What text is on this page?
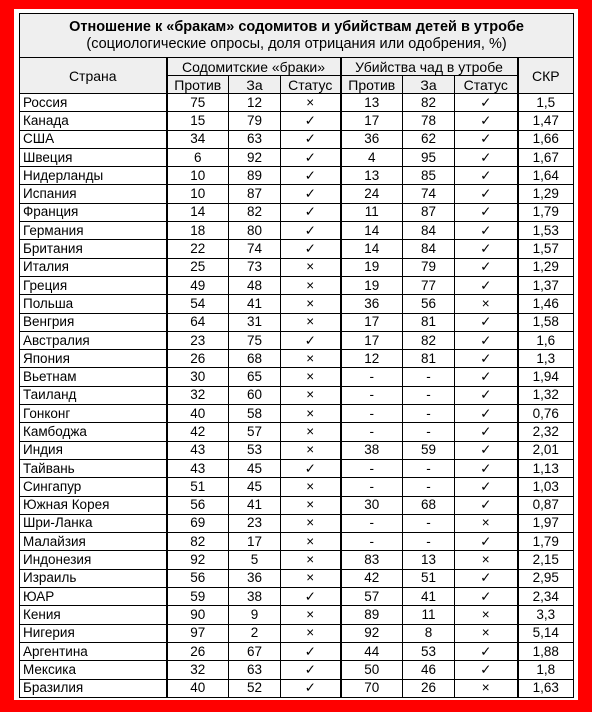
Отношение к «бракам» содомитов и убийствам детей в утробе
(социологические опросы, доля отрицания или одобрения, %)							

Страна	Содомитские «браки»			Убийства чад в утробе			СКР
	Против	За	Статус	Против	За	Статус	
Россия	75	12	×	13	82	✓	1,5
Канада	15	79	✓	17	78	✓	1,47
США	34	63	✓	36	62	✓	1,66
Швеция	6	92	✓	4	95	✓	1,67
Нидерланды	10	89	✓	13	85	✓	1,64
Испания	10	87	✓	24	74	✓	1,29
Франция	14	82	✓	11	87	✓	1,79
Германия	18	80	✓	14	84	✓	1,53
Британия	22	74	✓	14	84	✓	1,57
Италия	25	73	×	19	79	✓	1,29
Греция	49	48	×	19	77	✓	1,37
Польша	54	41	×	36	56	×	1,46
Венгрия	64	31	×	17	81	✓	1,58
Австралия	23	75	✓	17	82	✓	1,6
Япония	26	68	×	12	81	✓	1,3
Вьетнам	30	65	×	-	-	✓	1,94
Таиланд	32	60	×	-	-	✓	1,32
Гонконг	40	58	×	-	-	✓	0,76
Камбоджа	42	57	×	-	-	✓	2,32
Индия	43	53	×	38	59	✓	2,01
Тайвань	43	45	✓	-	-	✓	1,13
Сингапур	51	45	×	-	-	✓	1,03
Южная Корея	56	41	×	30	68	✓	0,87
Шри-Ланка	69	23	×	-	-	×	1,97
Малайзия	82	17	×	-	-	✓	1,79
Индонезия	92	5	×	83	13	×	2,15
Израиль	56	36	×	42	51	✓	2,95
ЮАР	59	38	✓	57	41	✓	2,34
Кения	90	9	×	89	11	×	3,3
Нигерия	97	2	×	92	8	×	5,14
Аргентина	26	67	✓	44	53	✓	1,88
Мексика	32	63	✓	50	46	✓	1,8
Бразилия	40	52	✓	70	26	×	1,63
